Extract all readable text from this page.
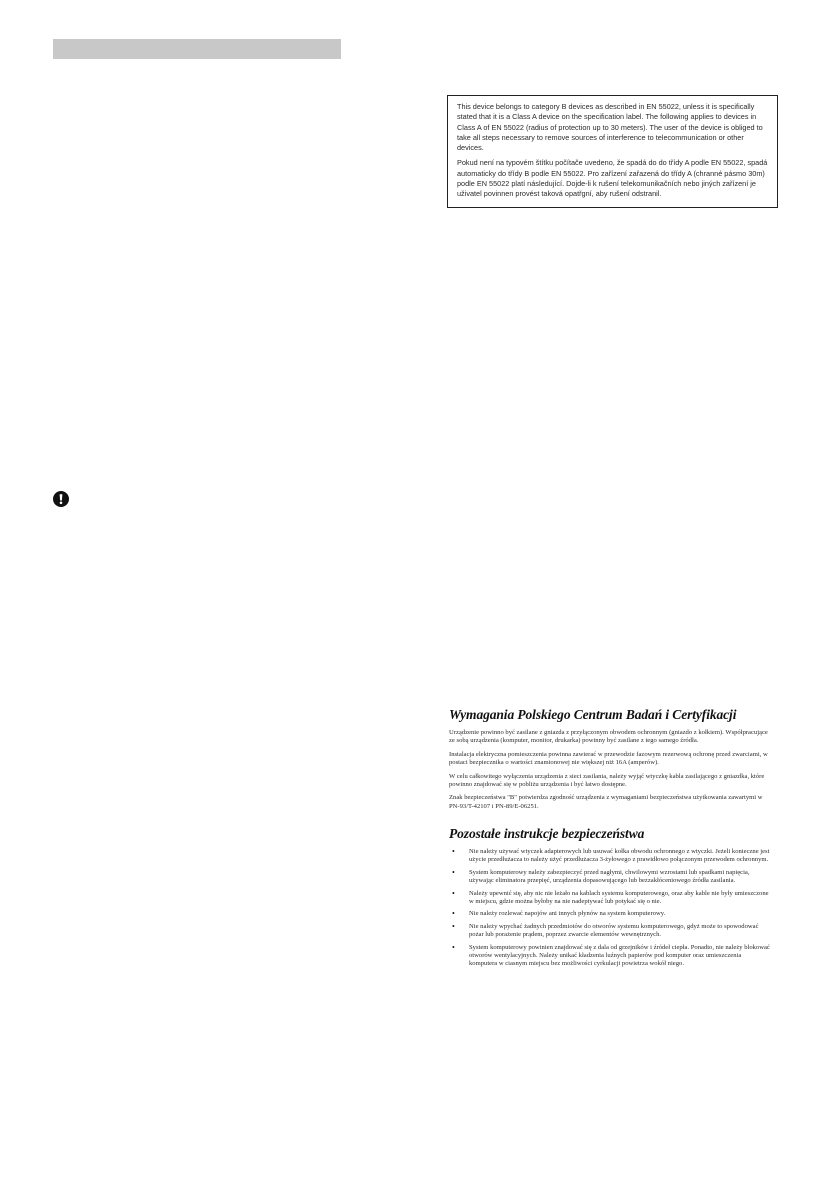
This device belongs to category B devices as described in EN 55022, unless it is specifically stated that it is a Class A device on the specification label. The following applies to devices in Class A of EN 55022 (radius of protection up to 30 meters). The user of the device is obliged to take all steps necessary to remove sources of interference to telecommunication or other devices.

Pokud není na typovém štítku počítače uvedeno, že spadá do do třídy A podle EN 55022, spadá automaticky do třídy B podle EN 55022. Pro zařízení zařazená do třídy A (chranné pásmo 30m) podle EN 55022 platí následující. Dojde-li k rušení telekomunikačních nebo jiných zařízení je uživatel povinnen provést taková opatřgní, aby rušení odstranil.

Wymagania Polskiego Centrum Badań i Certyfikacji

Urządzenie powinno być zasilane z gniazda z przyłączonym obwodem ochronnym (gniazdo z kołkiem). Współpracujące ze sobą urządzenia (komputer, monitor, drukarka) powinny być zasilane z tego samego źródła.

Instalacja elektryczna pomieszczenia powinna zawierać w przewodzie fazowym rezerwową ochronę przed zwarciami, w postaci bezpiecznika o wartości znamionowej nie większej niż 16A (amperów).

W celu całkowitego wyłączenia urządzenia z sieci zasilania, należy wyjąć wtyczkę kabla zasilającego z gniazdka, które powinno znajdować się w pobliżu urządzenia i być łatwo dostępne.

Znak bezpieczeństwa "B" potwierdza zgodność urządzenia z wymaganiami bezpieczeństwa użytkowania zawartymi w PN-93/T-42107 i PN-89/E-06251.

Pozostałe instrukcje bezpieczeństwa
• Nie należy używać wtyczek adapterowych lub usuwać kołka obwodu ochronnego z wtyczki. Jeżeli konieczne jest użycie przedłużacza to należy użyć przedłużacza 3-żyłowego z prawidłowo połączonym przewodem ochronnym.
• System komputerowy należy zabezpieczyć przed nagłymi, chwilowymi wzrostami lub spadkami napięcia, używając eliminatora przepięć, urządzenia dopasowującego lub bezzakłóceniowego źródła zasilania.
• Należy upewnić się, aby nic nie leżało na kablach systemu komputerowego, oraz aby kable nie były umieszczone w miejscu, gdzie można byłoby na nie nadeptywać lub potykać się o nie.
• Nie należy rozlewać napojów ani innych płynów na system komputerowy.
• Nie należy wpychać żadnych przedmiotów do otworów systemu komputerowego, gdyż może to spowodować pożar lub porażenie prądem, poprzez zwarcie elementów wewnętrznych.
• System komputerowy powinien znajdować się z dala od grzejników i źródeł ciepła. Ponadto, nie należy blokować otworów wentylacyjnych. Należy unikać kładzenia luźnych papierów pod komputer oraz umieszczenia komputera w ciasnym miejscu bez możliwości cyrkulacji powietrza wokół niego.
